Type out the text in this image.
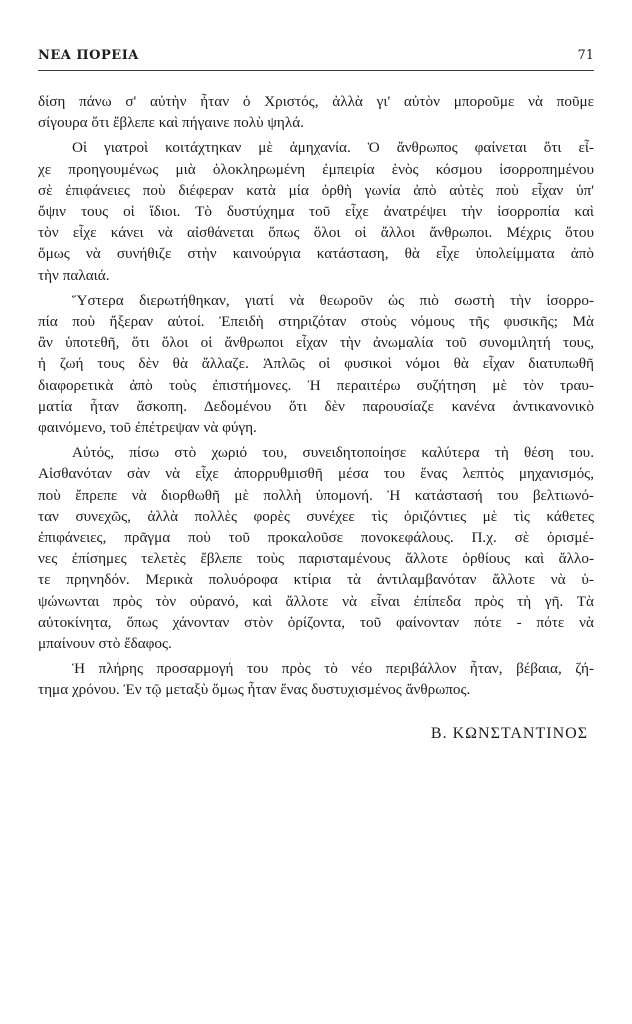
ΝΕΑ ΠΟΡΕΙΑ	71
δίση πάνω σ' αὐτὴν ἦταν ὁ Χριστός, ἀλλὰ γι' αὐτὸν μποροῦμε νὰ ποῦμε
σίγουρα ὅτι ἔβλεπε καὶ πήγαινε πολὺ ψηλά.
Οἱ γιατροὶ κοιτάχτηκαν μὲ ἀμηχανία. Ὁ ἄνθρωπος φαίνεται ὅτι εἶ-
χε προηγουμένως μιὰ ὁλοκληρωμένη ἐμπειρία ἑνὸς κόσμου ἰσορροπημένου
σὲ ἐπιφάνειες ποὺ διέφεραν κατὰ μία ὀρθὴ γωνία ἀπὸ αὐτὲς ποὺ εἶχαν ὑπ'
ὄψιν τους οἱ ἴδιοι. Τὸ δυστύχημα τοῦ εἶχε ἀνατρέψει τὴν ἰσορροπία καὶ
τὸν εἶχε κάνει νὰ αἰσθάνεται ὅπως ὅλοι οἱ ἄλλοι ἄνθρωποι. Μέχρις ὅτου
ὅμως νὰ συνήθιζε στὴν καινούργια κατάσταση, θὰ εἶχε ὑπολείμματα ἀπὸ
τὴν παλαιά.
Ὕστερα διερωτήθηκαν, γιατί νὰ θεωροῦν ὡς πιὸ σωστὴ τὴν ἰσορρο-
πία ποὺ ἤξεραν αὐτοί. Ἐπειδὴ στηριζόταν στοὺς νόμους τῆς φυσικῆς; Μὰ
ἂν ὑποτεθῆ, ὅτι ὅλοι οἱ ἄνθρωποι εἶχαν τὴν ἀνωμαλία τοῦ συνομιλητή τους,
ἡ ζωή τους δὲν θὰ ἄλλαζε. Ἁπλῶς οἱ φυσικοὶ νόμοι θὰ εἶχαν διατυπωθῆ
διαφορετικὰ ἀπὸ τοὺς ἐπιστήμονες. Ἡ περαιτέρω συζήτηση μὲ τὸν τραυ-
ματία ἦταν ἄσκοπη. Δεδομένου ὅτι δὲν παρουσίαζε κανένα ἀντικανονικὸ
φαινόμενο, τοῦ ἐπέτρεψαν νὰ φύγη.
Αὐτός, πίσω στὸ χωριό του, συνειδητοποίησε καλύτερα τὴ θέση του.
Αἰσθανόταν σὰν νὰ εἶχε ἀπορρυθμισθῆ μέσα του ἕνας λεπτὸς μηχανισμός,
ποὺ ἔπρεπε νὰ διορθωθῆ μὲ πολλὴ ὑπομονή. Ἡ κατάστασή του βελτιωνό-
ταν συνεχῶς, ἀλλὰ πολλὲς φορὲς συνέχεε τὶς ὁριζόντιες μὲ τὶς κάθετες
ἐπιφάνειες, πρᾶγμα ποὺ τοῦ προκαλοῦσε πονοκεφάλους. Π.χ. σὲ ὁρισμέ-
νες ἐπίσημες τελετὲς ἔβλεπε τοὺς παρισταμένους ἄλλοτε ὀρθίους καὶ ἄλλο-
τε πρηνηδόν. Μερικὰ πολυόροφα κτίρια τὰ ἀντιλαμβανόταν ἄλλοτε νὰ ὑ-
ψώνωνται πρὸς τὸν οὐρανό, καὶ ἄλλοτε νὰ εἶναι ἐπίπεδα πρὸς τὴ γῆ. Τὰ
αὐτοκίνητα, ὅπως χάνονταν στὸν ὁρίζοντα, τοῦ φαίνονταν πότε - πότε νὰ
μπαίνουν στὸ ἔδαφος.
Ἡ πλήρης προσαρμογή του πρὸς τὸ νέο περιβάλλον ἦταν, βέβαια, ζή-
τημα χρόνου. Ἐν τῷ μεταξὺ ὅμως ἦταν ἕνας δυστυχισμένος ἄνθρωπος.
Β. ΚΩΝΣΤΑΝΤΙΝΟΣ
